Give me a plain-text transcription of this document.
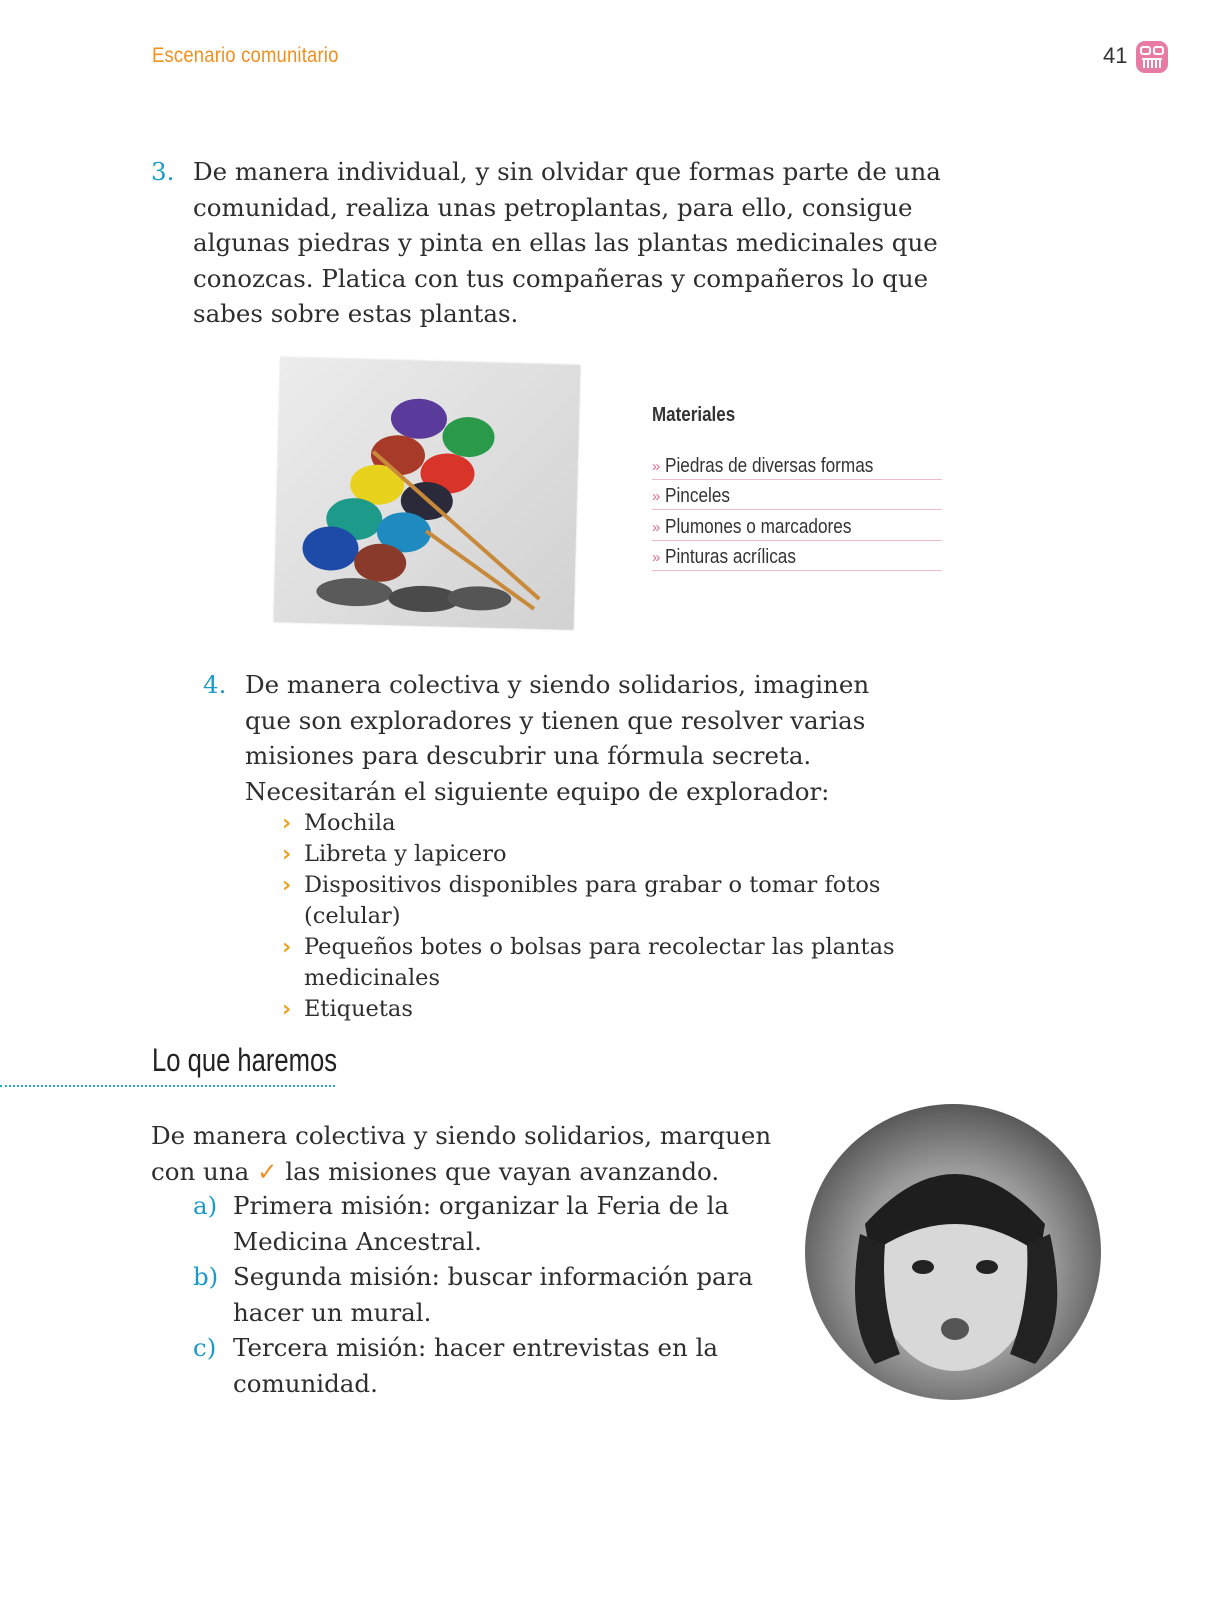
Escenario comunitario	41
3. De manera individual, y sin olvidar que formas parte de una comunidad, realiza unas petroplantas, para ello, consigue algunas piedras y pinta en ellas las plantas medicinales que conozcas. Platica con tus compañeras y compañeros lo que sabes sobre estas plantas.
Materiales
» Piedras de diversas formas
» Pinceles
» Plumones o marcadores
» Pinturas acrílicas
4. De manera colectiva y siendo solidarios, imaginen que son exploradores y tienen que resolver varias misiones para descubrir una fórmula secreta. Necesitarán el siguiente equipo de explorador:
› Mochila
› Libreta y lapicero
› Dispositivos disponibles para grabar o tomar fotos (celular)
› Pequeños botes o bolsas para recolectar las plantas medicinales
› Etiquetas
Lo que haremos
De manera colectiva y siendo solidarios, marquen con una ✓ las misiones que vayan avanzando.
a) Primera misión: organizar la Feria de la Medicina Ancestral.
b) Segunda misión: buscar información para hacer un mural.
c) Tercera misión: hacer entrevistas en la comunidad.
